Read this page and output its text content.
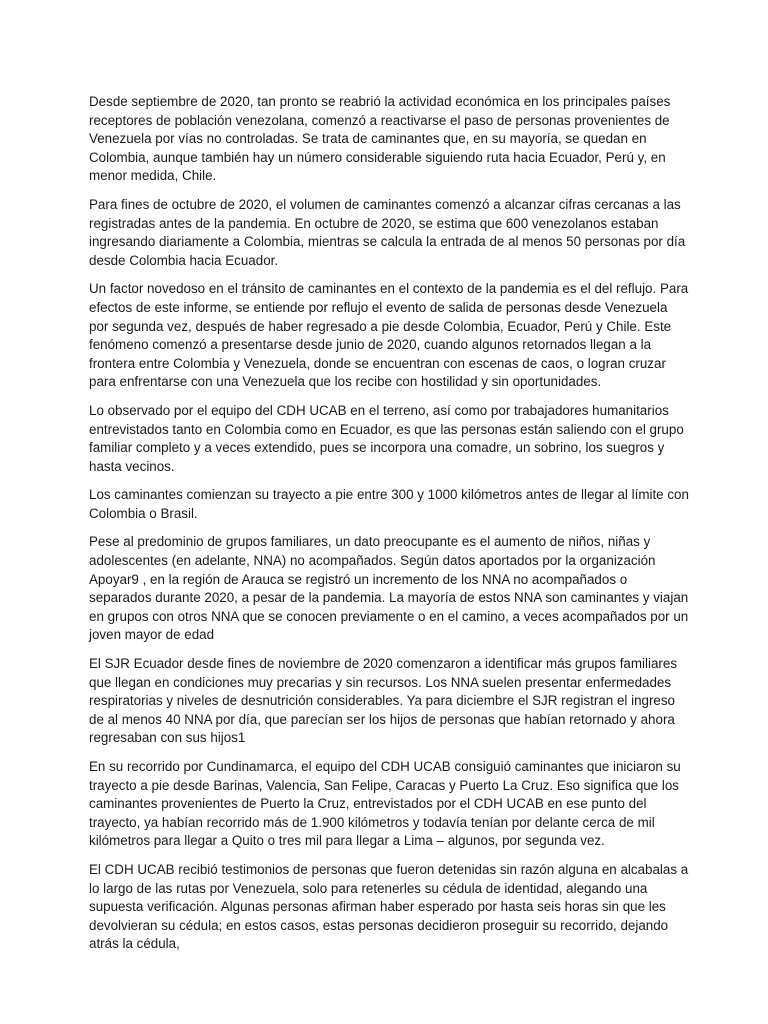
Desde septiembre de 2020, tan pronto se reabrió la actividad económica en los principales países receptores de población venezolana, comenzó a reactivarse el paso de personas provenientes de Venezuela por vías no controladas. Se trata de caminantes que, en su mayoría, se quedan en Colombia, aunque también hay un número considerable siguiendo ruta hacia Ecuador, Perú y, en menor medida, Chile.

Para fines de octubre de 2020, el volumen de caminantes comenzó a alcanzar cifras cercanas a las registradas antes de la pandemia. En octubre de 2020, se estima que 600 venezolanos estaban ingresando diariamente a Colombia, mientras se calcula la entrada de al menos 50 personas por día desde Colombia hacia Ecuador.

Un factor novedoso en el tránsito de caminantes en el contexto de la pandemia es el del reflujo. Para efectos de este informe, se entiende por reflujo el evento de salida de personas desde Venezuela por segunda vez, después de haber regresado a pie desde Colombia, Ecuador, Perú y Chile. Este fenómeno comenzó a presentarse desde junio de 2020, cuando algunos retornados llegan a la frontera entre Colombia y Venezuela, donde se encuentran con escenas de caos, o logran cruzar para enfrentarse con una Venezuela que los recibe con hostilidad y sin oportunidades.

Lo observado por el equipo del CDH UCAB en el terreno, así como por trabajadores humanitarios entrevistados tanto en Colombia como en Ecuador, es que las personas están saliendo con el grupo familiar completo y a veces extendido, pues se incorpora una comadre, un sobrino, los suegros y hasta vecinos.

Los caminantes comienzan su trayecto a pie entre 300 y 1000 kilómetros antes de llegar al límite con Colombia o Brasil.

Pese al predominio de grupos familiares, un dato preocupante es el aumento de niños, niñas y adolescentes (en adelante, NNA) no acompañados. Según datos aportados por la organización Apoyar9 , en la región de Arauca se registró un incremento de los NNA no acompañados o separados durante 2020, a pesar de la pandemia. La mayoría de estos NNA son caminantes y viajan en grupos con otros NNA que se conocen previamente o en el camino, a veces acompañados por un joven mayor de edad

El SJR Ecuador desde fines de noviembre de 2020 comenzaron a identificar más grupos familiares que llegan en condiciones muy precarias y sin recursos. Los NNA suelen presentar enfermedades respiratorias y niveles de desnutrición considerables. Ya para diciembre el SJR registran el ingreso de al menos 40 NNA por día, que parecían ser los hijos de personas que habían retornado y ahora regresaban con sus hijos1

En su recorrido por Cundinamarca, el equipo del CDH UCAB consiguió caminantes que iniciaron su trayecto a pie desde Barinas, Valencia, San Felipe, Caracas y Puerto La Cruz. Eso significa que los caminantes provenientes de Puerto la Cruz, entrevistados por el CDH UCAB en ese punto del trayecto, ya habían recorrido más de 1.900 kilómetros y todavía tenían por delante cerca de mil kilómetros para llegar a Quito o tres mil para llegar a Lima – algunos, por segunda vez.

El CDH UCAB recibió testimonios de personas que fueron detenidas sin razón alguna en alcabalas a lo largo de las rutas por Venezuela, solo para retenerles su cédula de identidad, alegando una supuesta verificación. Algunas personas afirman haber esperado por hasta seis horas sin que les devolvieran su cédula; en estos casos, estas personas decidieron proseguir su recorrido, dejando atrás la cédula,
